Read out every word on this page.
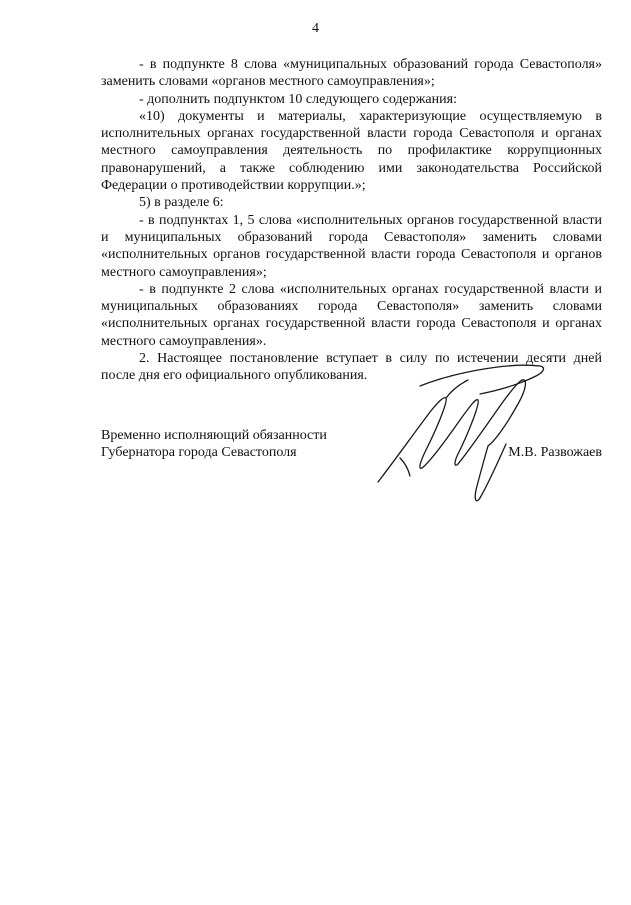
4

- в подпункте 8 слова «муниципальных образований города Севастополя» заменить словами «органов местного самоуправления»;

- дополнить подпунктом 10 следующего содержания:

«10) документы и материалы, характеризующие осуществляемую в исполнительных органах государственной власти города Севастополя и органах местного самоуправления деятельность по профилактике коррупционных правонарушений, а также соблюдению ими законодательства Российской Федерации о противодействии коррупции.»;

5) в разделе 6:

- в подпунктах 1, 5 слова «исполнительных органов государственной власти и муниципальных образований города Севастополя» заменить словами «исполнительных органов государственной власти города Севастополя и органов местного самоуправления»;

- в подпункте 2 слова «исполнительных органах государственной власти и муниципальных образованиях города Севастополя» заменить словами «исполнительных органах государственной власти города Севастополя и органах местного самоуправления».

2. Настоящее постановление вступает в силу по истечении десяти дней после дня его официального опубликования.

Временно исполняющий обязанности

Губернатора города Севастополя	М.В. Развожаев
